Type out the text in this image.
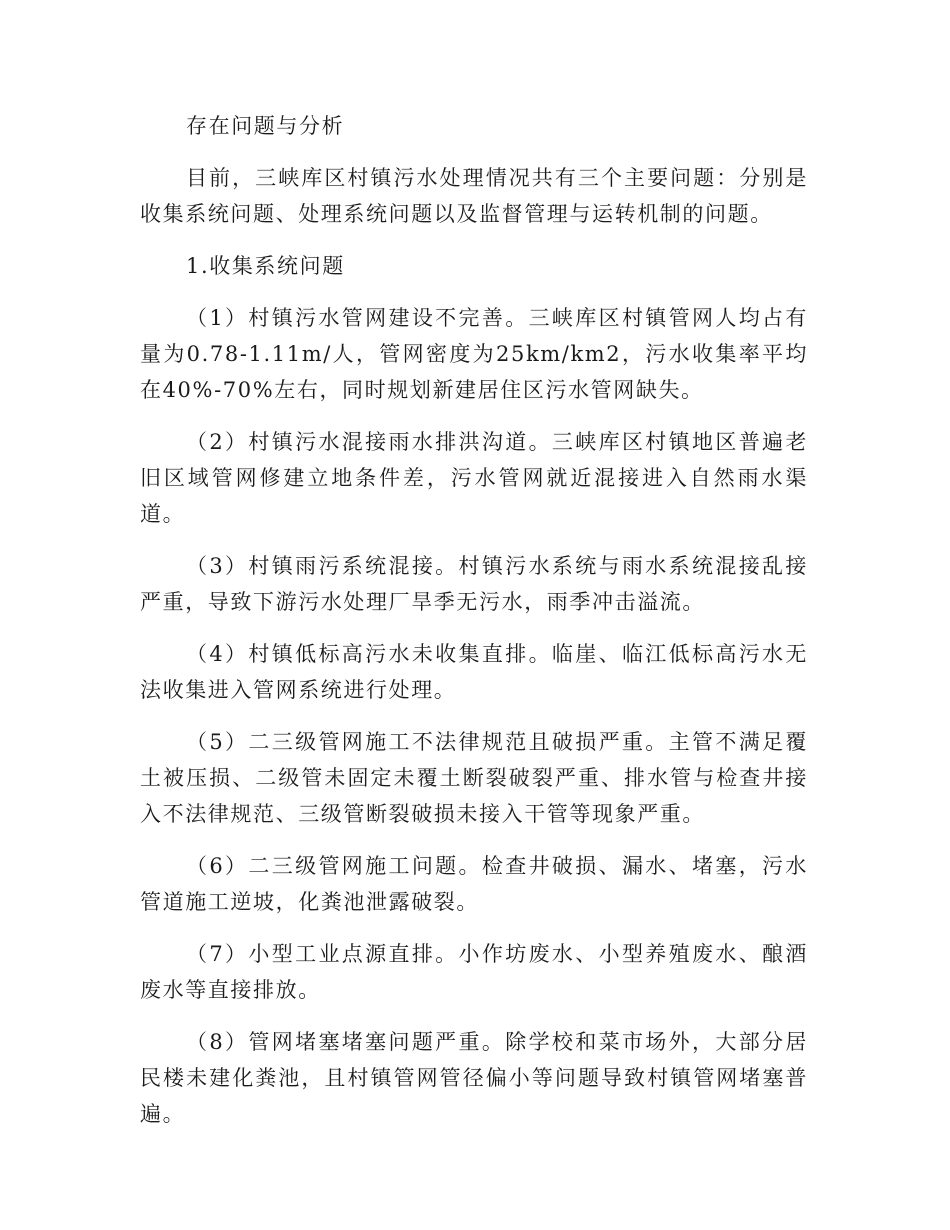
存在问题与分析

目前，三峡库区村镇污水处理情况共有三个主要问题：分别是收集系统问题、处理系统问题以及监督管理与运转机制的问题。

1.收集系统问题

（1）村镇污水管网建设不完善。三峡库区村镇管网人均占有量为0.78-1.11m/人，管网密度为25km/km2，污水收集率平均在40%-70%左右，同时规划新建居住区污水管网缺失。

（2）村镇污水混接雨水排洪沟道。三峡库区村镇地区普遍老旧区域管网修建立地条件差，污水管网就近混接进入自然雨水渠道。

（3）村镇雨污系统混接。村镇污水系统与雨水系统混接乱接严重，导致下游污水处理厂旱季无污水，雨季冲击溢流。

（4）村镇低标高污水未收集直排。临崖、临江低标高污水无法收集进入管网系统进行处理。

（5）二三级管网施工不法律规范且破损严重。主管不满足覆土被压损、二级管未固定未覆土断裂破裂严重、排水管与检查井接入不法律规范、三级管断裂破损未接入干管等现象严重。

（6）二三级管网施工问题。检查井破损、漏水、堵塞，污水管道施工逆坡，化粪池泄露破裂。

（7）小型工业点源直排。小作坊废水、小型养殖废水、酿酒废水等直接排放。

（8）管网堵塞堵塞问题严重。除学校和菜市场外，大部分居民楼未建化粪池，且村镇管网管径偏小等问题导致村镇管网堵塞普遍。
